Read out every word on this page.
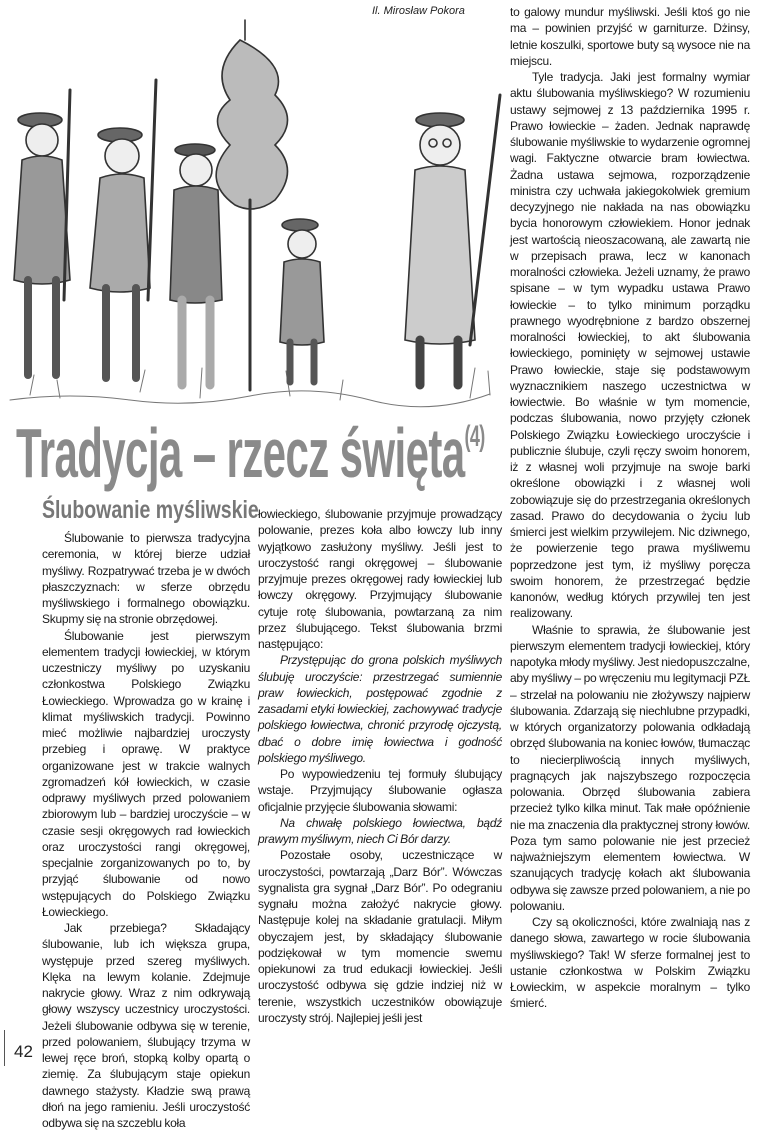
Il. Mirosław Pokora
Tradycja – rzecz święta$^{(4)}$
Ślubowanie myśliwskie

Ślubowanie to pierwsza tradycyjna ceremonia, w której bierze udział myśliwy. Rozpatrywać trzeba je w dwóch płaszczyznach: w sferze obrzędu myśliwskiego i formalnego obowiązku. Skupmy się na stronie obrzędowej.

Ślubowanie jest pierwszym elementem tradycji łowieckiej, w którym uczestniczy myśliwy po uzyskaniu członkostwa Polskiego Związku Łowieckiego. Wprowadza go w krainę i klimat myśliwskich tradycji. Powinno mieć możliwie najbardziej uroczysty przebieg i oprawę. W praktyce organizowane jest w trakcie walnych zgromadzeń kół łowieckich, w czasie odprawy myśliwych przed polowaniem zbiorowym lub – bardziej uroczyście – w czasie sesji okręgowych rad łowieckich oraz uroczystości rangi okręgowej, specjalnie zorganizowanych po to, by przyjąć ślubowanie od nowo wstępujących do Polskiego Związku Łowieckiego.

Jak przebiega? Składający ślubowanie, lub ich większa grupa, występuje przed szereg myśliwych. Klęka na lewym kolanie. Zdejmuje nakrycie głowy. Wraz z nim odkrywają głowy wszyscy uczestnicy uroczystości. Jeżeli ślubowanie odbywa się w terenie, przed polowaniem, ślubujący trzyma w lewej ręce broń, stopką kolby opartą o ziemię. Za ślubującym staje opiekun dawnego stażysty. Kładzie swą prawą dłoń na jego ramieniu. Jeśli uroczystość odbywa się na szczeblu koła

łowieckiego, ślubowanie przyjmuje prowadzący polowanie, prezes koła albo łowczy lub inny wyjątkowo zasłużony myśliwy. Jeśli jest to uroczystość rangi okręgowej – ślubowanie przyjmuje prezes okręgowej rady łowieckiej lub łowczy okręgowy. Przyjmujący ślubowanie cytuje rotę ślubowania, powtarzaną za nim przez ślubującego. Tekst ślubowania brzmi następująco:

Przystępując do grona polskich myśliwych ślubuję uroczyście: przestrzegać sumiennie praw łowieckich, postępować zgodnie z zasadami etyki łowieckiej, zachowywać tradycje polskiego łowiectwa, chronić przyrodę ojczystą, dbać o dobre imię łowiectwa i godność polskiego myśliwego.

Po wypowiedzeniu tej formuły ślubujący wstaje. Przyjmujący ślubowanie ogłasza oficjalnie przyjęcie ślubowania słowami:

Na chwałę polskiego łowiectwa, bądź prawym myśliwym, niech Ci Bór darzy.

Pozostałe osoby, uczestniczące w uroczystości, powtarzają „Darz Bór”. Wówczas sygnalista gra sygnał „Darz Bór”. Po odegraniu sygnału można założyć nakrycie głowy. Następuje kolej na składanie gratulacji. Miłym obyczajem jest, by składający ślubowanie podziękował w tym momencie swemu opiekunowi za trud edukacji łowieckiej. Jeśli uroczystość odbywa się gdzie indziej niż w terenie, wszystkich uczestników obowiązuje uroczysty strój. Najlepiej jeśli jest

to galowy mundur myśliwski. Jeśli ktoś go nie ma – powinien przyjść w garniturze. Dżinsy, letnie koszulki, sportowe buty są wysoce nie na miejscu.

Tyle tradycja. Jaki jest formalny wymiar aktu ślubowania myśliwskiego? W rozumieniu ustawy sejmowej z 13 października 1995 r. Prawo łowieckie – żaden. Jednak naprawdę ślubowanie myśliwskie to wydarzenie ogromnej wagi. Faktyczne otwarcie bram łowiectwa. Żadna ustawa sejmowa, rozporządzenie ministra czy uchwała jakiegokolwiek gremium decyzyjnego nie nakłada na nas obowiązku bycia honorowym człowiekiem. Honor jednak jest wartością nieoszacowaną, ale zawartą nie w przepisach prawa, lecz w kanonach moralności człowieka. Jeżeli uznamy, że prawo spisane – w tym wypadku ustawa Prawo łowieckie – to tylko minimum porządku prawnego wyodrębnione z bardzo obszernej moralności łowieckiej, to akt ślubowania łowieckiego, pominięty w sejmowej ustawie Prawo łowieckie, staje się podstawowym wyznacznikiem naszego uczestnictwa w łowiectwie. Bo właśnie w tym momencie, podczas ślubowania, nowo przyjęty członek Polskiego Związku Łowieckiego uroczyście i publicznie ślubuje, czyli ręczy swoim honorem, iż z własnej woli przyjmuje na swoje barki określone obowiązki i z własnej woli zobowiązuje się do przestrzegania określonych zasad. Prawo do decydowania o życiu lub śmierci jest wielkim przywilejem. Nic dziwnego, że powierzenie tego prawa myśliwemu poprzedzone jest tym, iż myśliwy poręcza swoim honorem, że przestrzegać będzie kanonów, według których przywilej ten jest realizowany.

Właśnie to sprawia, że ślubowanie jest pierwszym elementem tradycji łowieckiej, który napotyka młody myśliwy. Jest niedopuszczalne, aby myśliwy – po wręczeniu mu legitymacji PZŁ – strzelał na polowaniu nie złożywszy najpierw ślubowania. Zdarzają się niechlubne przypadki, w których organizatorzy polowania odkładają obrzęd ślubowania na koniec łowów, tłumacząc to niecierpliwością innych myśliwych, pragnących jak najszybszego rozpoczęcia polowania. Obrzęd ślubowania zabiera przecież tylko kilka minut. Tak małe opóźnienie nie ma znaczenia dla praktycznej strony łowów. Poza tym samo polowanie nie jest przecież najważniejszym elementem łowiectwa. W szanujących tradycję kołach akt ślubowania odbywa się zawsze przed polowaniem, a nie po polowaniu.

Czy są okoliczności, które zwalniają nas z danego słowa, zawartego w rocie ślubowania myśliwskiego? Tak! W sferze formalnej jest to ustanie członkostwa w Polskim Związku Łowieckim, w aspekcie moralnym – tylko śmierć.

42
